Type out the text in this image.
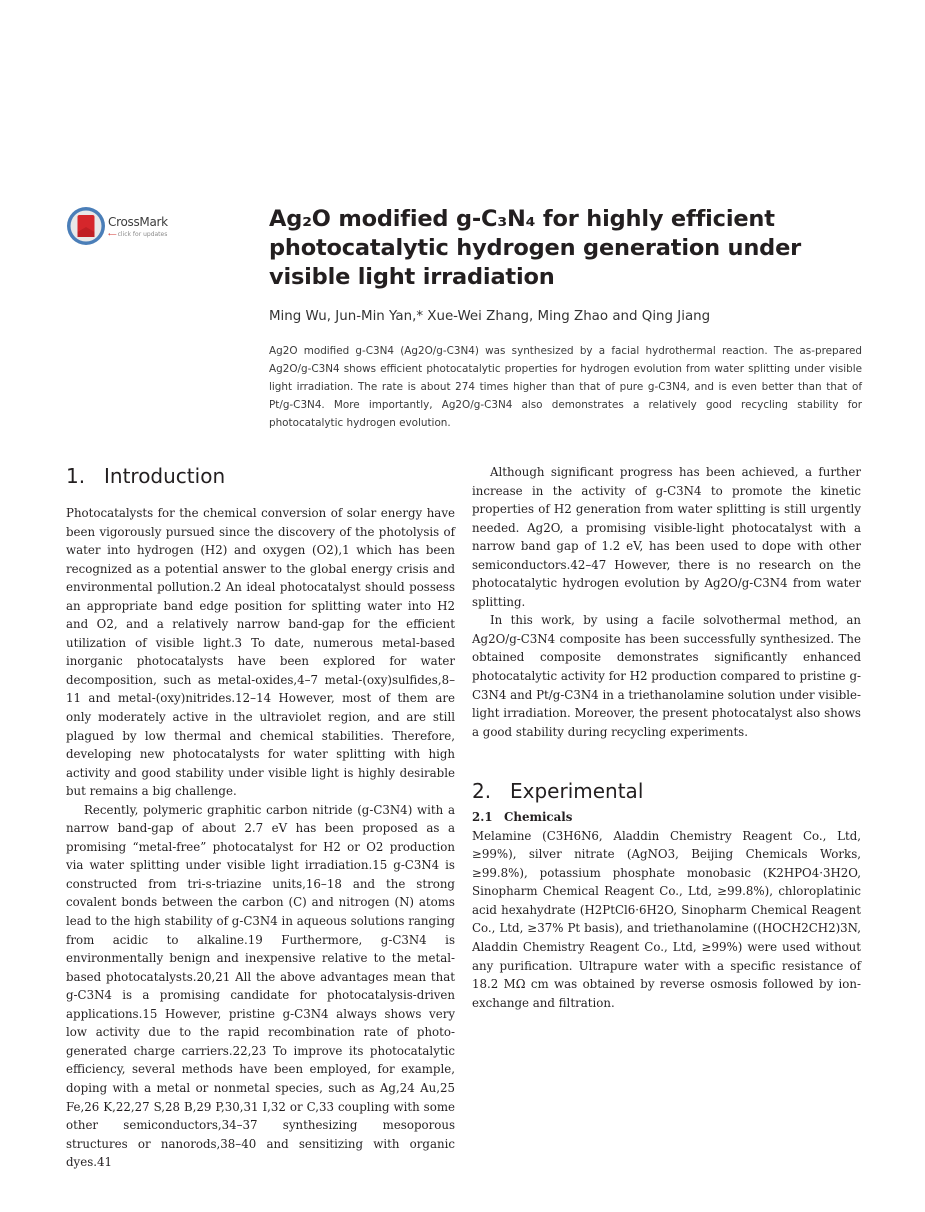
CrossMark
⟵click for updates
Ag₂O modified g-C₃N₄ for highly efficient photocatalytic hydrogen generation under visible light irradiation
Ming Wu, Jun-Min Yan,* Xue-Wei Zhang, Ming Zhao and Qing Jiang

Ag2O modified g-C3N4 (Ag2O/g-C3N4) was synthesized by a facial hydrothermal reaction. The as-prepared Ag2O/g-C3N4 shows efficient photocatalytic properties for hydrogen evolution from water splitting under visible light irradiation. The rate is about 274 times higher than that of pure g-C3N4, and is even better than that of Pt/g-C3N4. More importantly, Ag2O/g-C3N4 also demonstrates a relatively good recycling stability for photocatalytic hydrogen evolution.

1. Introduction

Photocatalysts for the chemical conversion of solar energy have been vigorously pursued since the discovery of the photolysis of water into hydrogen (H2) and oxygen (O2),1 which has been recognized as a potential answer to the global energy crisis and environmental pollution.2 An ideal photocatalyst should possess an appropriate band edge position for splitting water into H2 and O2, and a relatively narrow band-gap for the efficient utilization of visible light.3 To date, numerous metal-based inorganic photocatalysts have been explored for water decomposition, such as metal-oxides,4–7 metal-(oxy)sulfides,8–11 and metal-(oxy)nitrides.12–14 However, most of them are only moderately active in the ultraviolet region, and are still plagued by low thermal and chemical stabilities. Therefore, developing new photocatalysts for water splitting with high activity and good stability under visible light is highly desirable but remains a big challenge.

Recently, polymeric graphitic carbon nitride (g-C3N4) with a narrow band-gap of about 2.7 eV has been proposed as a promising “metal-free” photocatalyst for H2 or O2 production via water splitting under visible light irradiation.15 g-C3N4 is constructed from tri-s-triazine units,16–18 and the strong covalent bonds between the carbon (C) and nitrogen (N) atoms lead to the high stability of g-C3N4 in aqueous solutions ranging from acidic to alkaline.19 Furthermore, g-C3N4 is environmentally benign and inexpensive relative to the metal-based photocatalysts.20,21 All the above advantages mean that g-C3N4 is a promising candidate for photocatalysis-driven applications.15 However, pristine g-C3N4 always shows very low activity due to the rapid recombination rate of photo-generated charge carriers.22,23 To improve its photocatalytic efficiency, several methods have been employed, for example, doping with a metal or nonmetal species, such as Ag,24 Au,25 Fe,26 K,22,27 S,28 B,29 P,30,31 I,32 or C,33 coupling with some other semiconductors,34–37 synthesizing mesoporous structures or nanorods,38–40 and sensitizing with organic dyes.41

Although significant progress has been achieved, a further increase in the activity of g-C3N4 to promote the kinetic properties of H2 generation from water splitting is still urgently needed. Ag2O, a promising visible-light photocatalyst with a narrow band gap of 1.2 eV, has been used to dope with other semiconductors.42–47 However, there is no research on the photocatalytic hydrogen evolution by Ag2O/g-C3N4 from water splitting.

In this work, by using a facile solvothermal method, an Ag2O/g-C3N4 composite has been successfully synthesized. The obtained composite demonstrates significantly enhanced photocatalytic activity for H2 production compared to pristine g-C3N4 and Pt/g-C3N4 in a triethanolamine solution under visible-light irradiation. Moreover, the present photocatalyst also shows a good stability during recycling experiments.

2. Experimental
2.1 Chemicals

Melamine (C3H6N6, Aladdin Chemistry Reagent Co., Ltd, ≥99%), silver nitrate (AgNO3, Beijing Chemicals Works, ≥99.8%), potassium phosphate monobasic (K2HPO4·3H2O, Sinopharm Chemical Reagent Co., Ltd, ≥99.8%), chloroplatinic acid hexahydrate (H2PtCl6·6H2O, Sinopharm Chemical Reagent Co., Ltd, ≥37% Pt basis), and triethanolamine ((HOCH2CH2)3N, Aladdin Chemistry Reagent Co., Ltd, ≥99%) were used without any purification. Ultrapure water with a specific resistance of 18.2 MΩ cm was obtained by reverse osmosis followed by ion-exchange and filtration.
